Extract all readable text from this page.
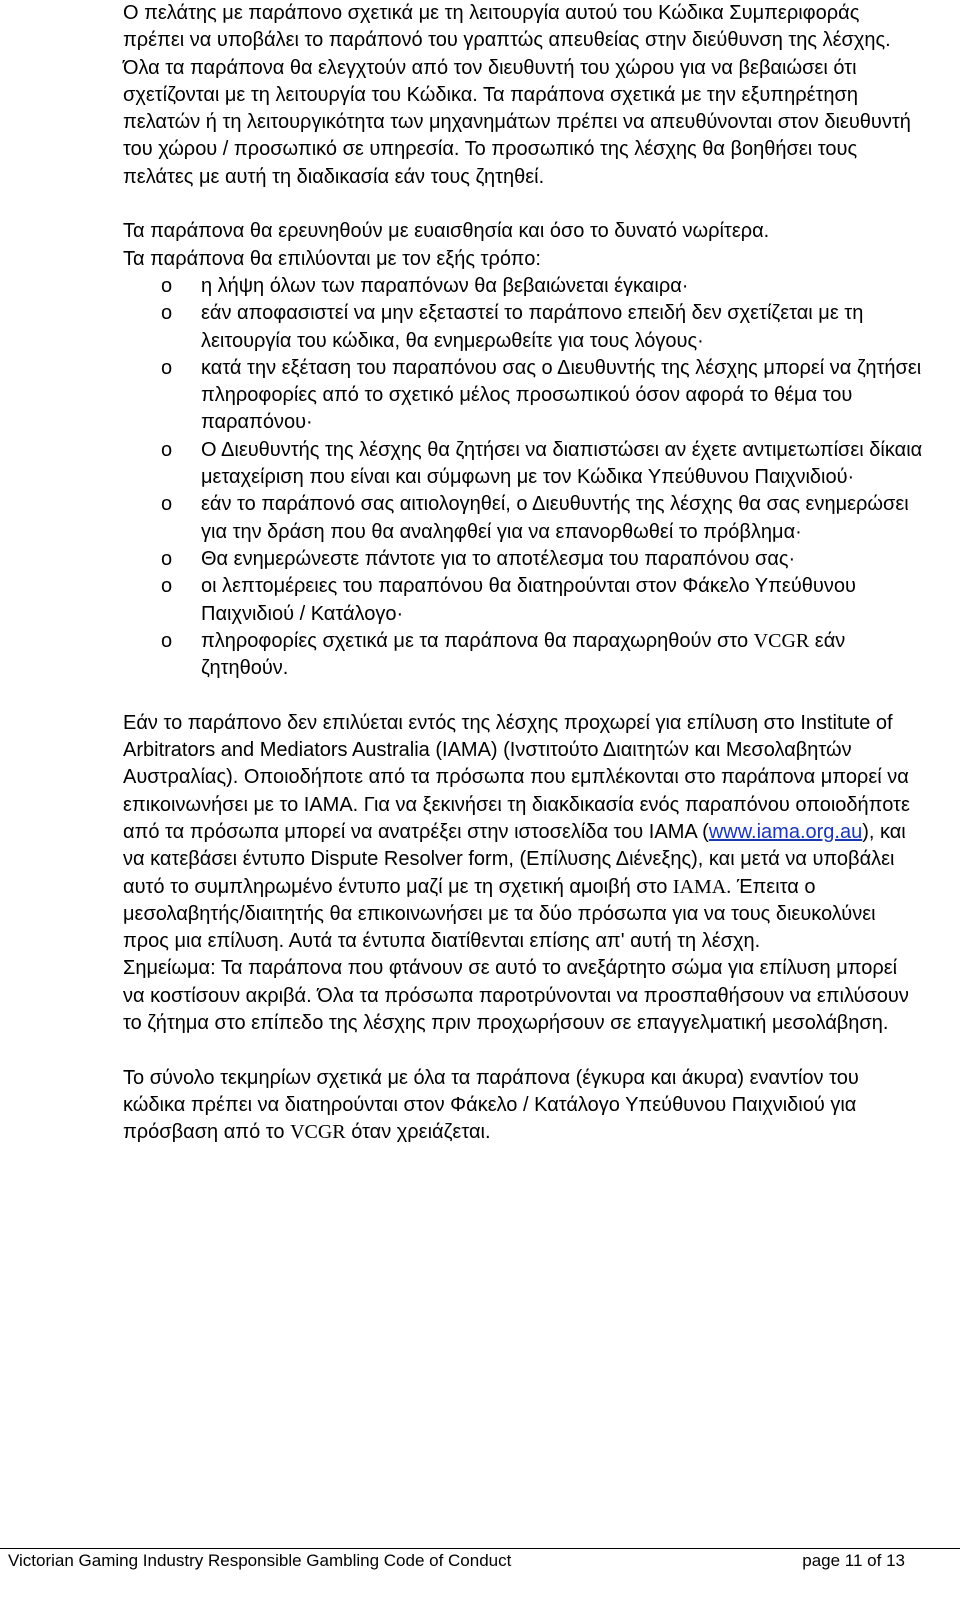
Ο πελάτης με παράπονο σχετικά με τη λειτουργία αυτού του Κώδικα Συμπεριφοράς πρέπει να υποβάλει το παράπονό του γραπτώς απευθείας στην διεύθυνση της λέσχης. Όλα τα παράπονα θα ελεγχτούν από τον διευθυντή του χώρου για να βεβαιώσει ότι σχετίζονται με τη λειτουργία του Κώδικα. Τα παράπονα σχετικά με την εξυπηρέτηση πελατών ή τη λειτουργικότητα των μηχανημάτων πρέπει να απευθύνονται στον διευθυντή του χώρου / προσωπικό σε υπηρεσία. Το προσωπικό της λέσχης θα βοηθήσει τους πελάτες με αυτή τη διαδικασία εάν τους ζητηθεί.

Τα παράπονα θα ερευνηθούν με ευαισθησία και όσο το δυνατό νωρίτερα.

Τα παράπονα θα επιλύονται με τον εξής τρόπο:

o η λήψη όλων των παραπόνων θα βεβαιώνεται έγκαιρα·
o εάν αποφασιστεί να μην εξεταστεί το παράπονο επειδή δεν σχετίζεται με τη λειτουργία του κώδικα, θα ενημερωθείτε για τους λόγους·
o κατά την εξέταση του παραπόνου σας ο Διευθυντής της λέσχης μπορεί να ζητήσει πληροφορίες από το σχετικό μέλος προσωπικού όσον αφορά το θέμα του παραπόνου·
o Ο Διευθυντής της λέσχης θα ζητήσει να διαπιστώσει αν έχετε αντιμετωπίσει δίκαια μεταχείριση που είναι και σύμφωνη με τον Κώδικα Υπεύθυνου Παιχνιδιού·
o εάν το παράπονό σας αιτιολογηθεί, ο Διευθυντής της λέσχης θα σας ενημερώσει για την δράση που θα αναληφθεί για να επανορθωθεί το πρόβλημα·
o Θα ενημερώνεστε πάντοτε για το αποτέλεσμα του παραπόνου σας·
o οι λεπτομέρειες του παραπόνου θα διατηρούνται στον Φάκελο Υπεύθυνου Παιχνιδιού / Κατάλογο·
o πληροφορίες σχετικά με τα παράπονα θα παραχωρηθούν στο VCGR εάν ζητηθούν.

Εάν το παράπονο δεν επιλύεται εντός της λέσχης προχωρεί για επίλυση στο Institute of Arbitrators and Mediators Australia (IAMA) (Ινστιτούτο Διαιτητών και Μεσολαβητών Αυστραλίας). Οποιοδήποτε από τα πρόσωπα που εμπλέκονται στο παράπονα μπορεί να επικοινωνήσει με το IAMA. Για να ξεκινήσει τη διακδικασία ενός παραπόνου οποιοδήποτε από τα πρόσωπα μπορεί να ανατρέξει στην ιστοσελίδα του IAMA (www.iama.org.au), και να κατεβάσει έντυπο Dispute Resolver form, (Επίλυσης Διένεξης), και μετά να υποβάλει αυτό το συμπληρωμένο έντυπο μαζί με τη σχετική αμοιβή στο IAMA. Έπειτα ο μεσολαβητής/διαιτητής θα επικοινωνήσει με τα δύο πρόσωπα για να τους διευκολύνει προς μια επίλυση. Αυτά τα έντυπα διατίθενται επίσης απ' αυτή τη λέσχη.

Σημείωμα: Τα παράπονα που φτάνουν σε αυτό το ανεξάρτητο σώμα για επίλυση μπορεί να κοστίσουν ακριβά. Όλα τα πρόσωπα παροτρύνονται να προσπαθήσουν να επιλύσουν το ζήτημα στο επίπεδο της λέσχης πριν προχωρήσουν σε επαγγελματική μεσολάβηση.

Το σύνολο τεκμηρίων σχετικά με όλα τα παράπονα (έγκυρα και άκυρα) εναντίον του κώδικα πρέπει να διατηρούνται στον Φάκελο / Κατάλογο Υπεύθυνου Παιχνιδιού για πρόσβαση από το VCGR όταν χρειάζεται.

Victorian Gaming Industry Responsible Gambling Code of Conduct	page 11 of 13
